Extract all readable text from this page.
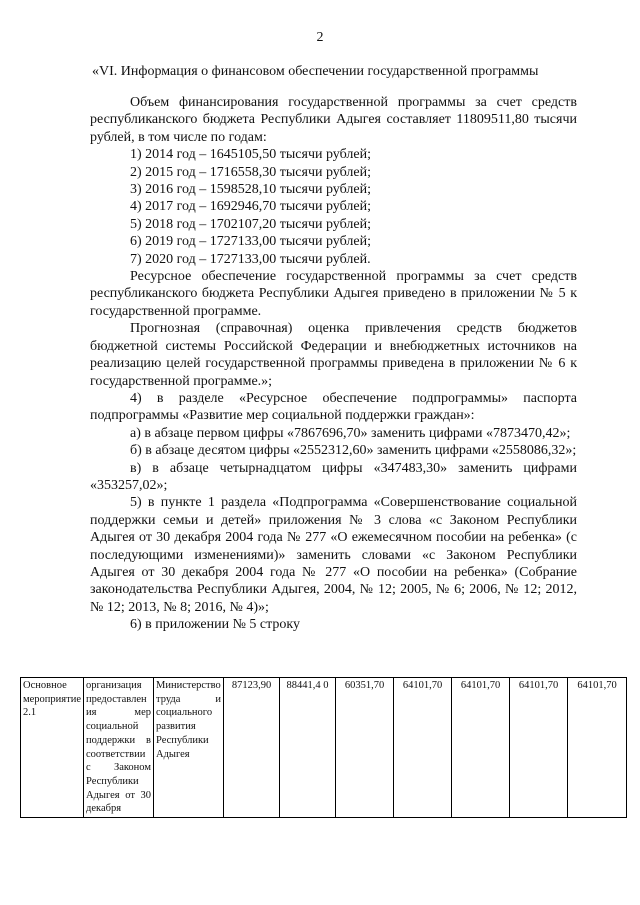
2
«VI. Информация о финансовом обеспечении государственной программы

Объем финансирования государственной программы за счет средств республиканского бюджета Республики Адыгея составляет 11809511,80 тысячи рублей, в том числе по годам:

1) 2014 год – 1645105,50 тысячи рублей;
2) 2015 год – 1716558,30 тысячи рублей;
3) 2016 год – 1598528,10 тысячи рублей;
4) 2017 год – 1692946,70 тысячи рублей;
5) 2018 год – 1702107,20 тысячи рублей;
6) 2019 год – 1727133,00 тысячи рублей;
7) 2020 год – 1727133,00 тысячи рублей.

Ресурсное обеспечение государственной программы за счет средств республиканского бюджета Республики Адыгея приведено в приложении № 5 к государственной программе.

Прогнозная (справочная) оценка привлечения средств бюджетов бюджетной системы Российской Федерации и внебюджетных источников на реализацию целей государственной программы приведена в приложении № 6 к государственной программе.»;

4) в разделе «Ресурсное обеспечение подпрограммы» паспорта подпрограммы «Развитие мер социальной поддержки граждан»:

а) в абзаце первом цифры «7867696,70» заменить цифрами «7873470,42»;

б) в абзаце десятом цифры «2552312,60» заменить цифрами «2558086,32»;

в) в абзаце четырнадцатом цифры «347483,30» заменить цифрами «353257,02»;

5) в пункте 1 раздела «Подпрограмма «Совершенствование социальной поддержки семьи и детей» приложения № 3 слова «с Законом Республики Адыгея от 30 декабря 2004 года № 277 «О ежемесячном пособии на ребенка» (с последующими изменениями)» заменить словами «с Законом Республики Адыгея от 30 декабря 2004 года № 277 «О пособии на ребенка» (Собрание законодательства Республики Адыгея, 2004, № 12; 2005, № 6; 2006, № 12; 2012, № 12; 2013, № 8; 2016, № 4)»;

6) в приложении № 5 строку
Основное мероприятие 2.1	организация предоставления мер социальной поддержки в соответствии с Законом Республики Адыгея от 30 декабря	Министерство труда и социального развития Республики Адыгея	87123,90	88441,4 0	60351,70	64101,70	64101,70	64101,70	64101,70
